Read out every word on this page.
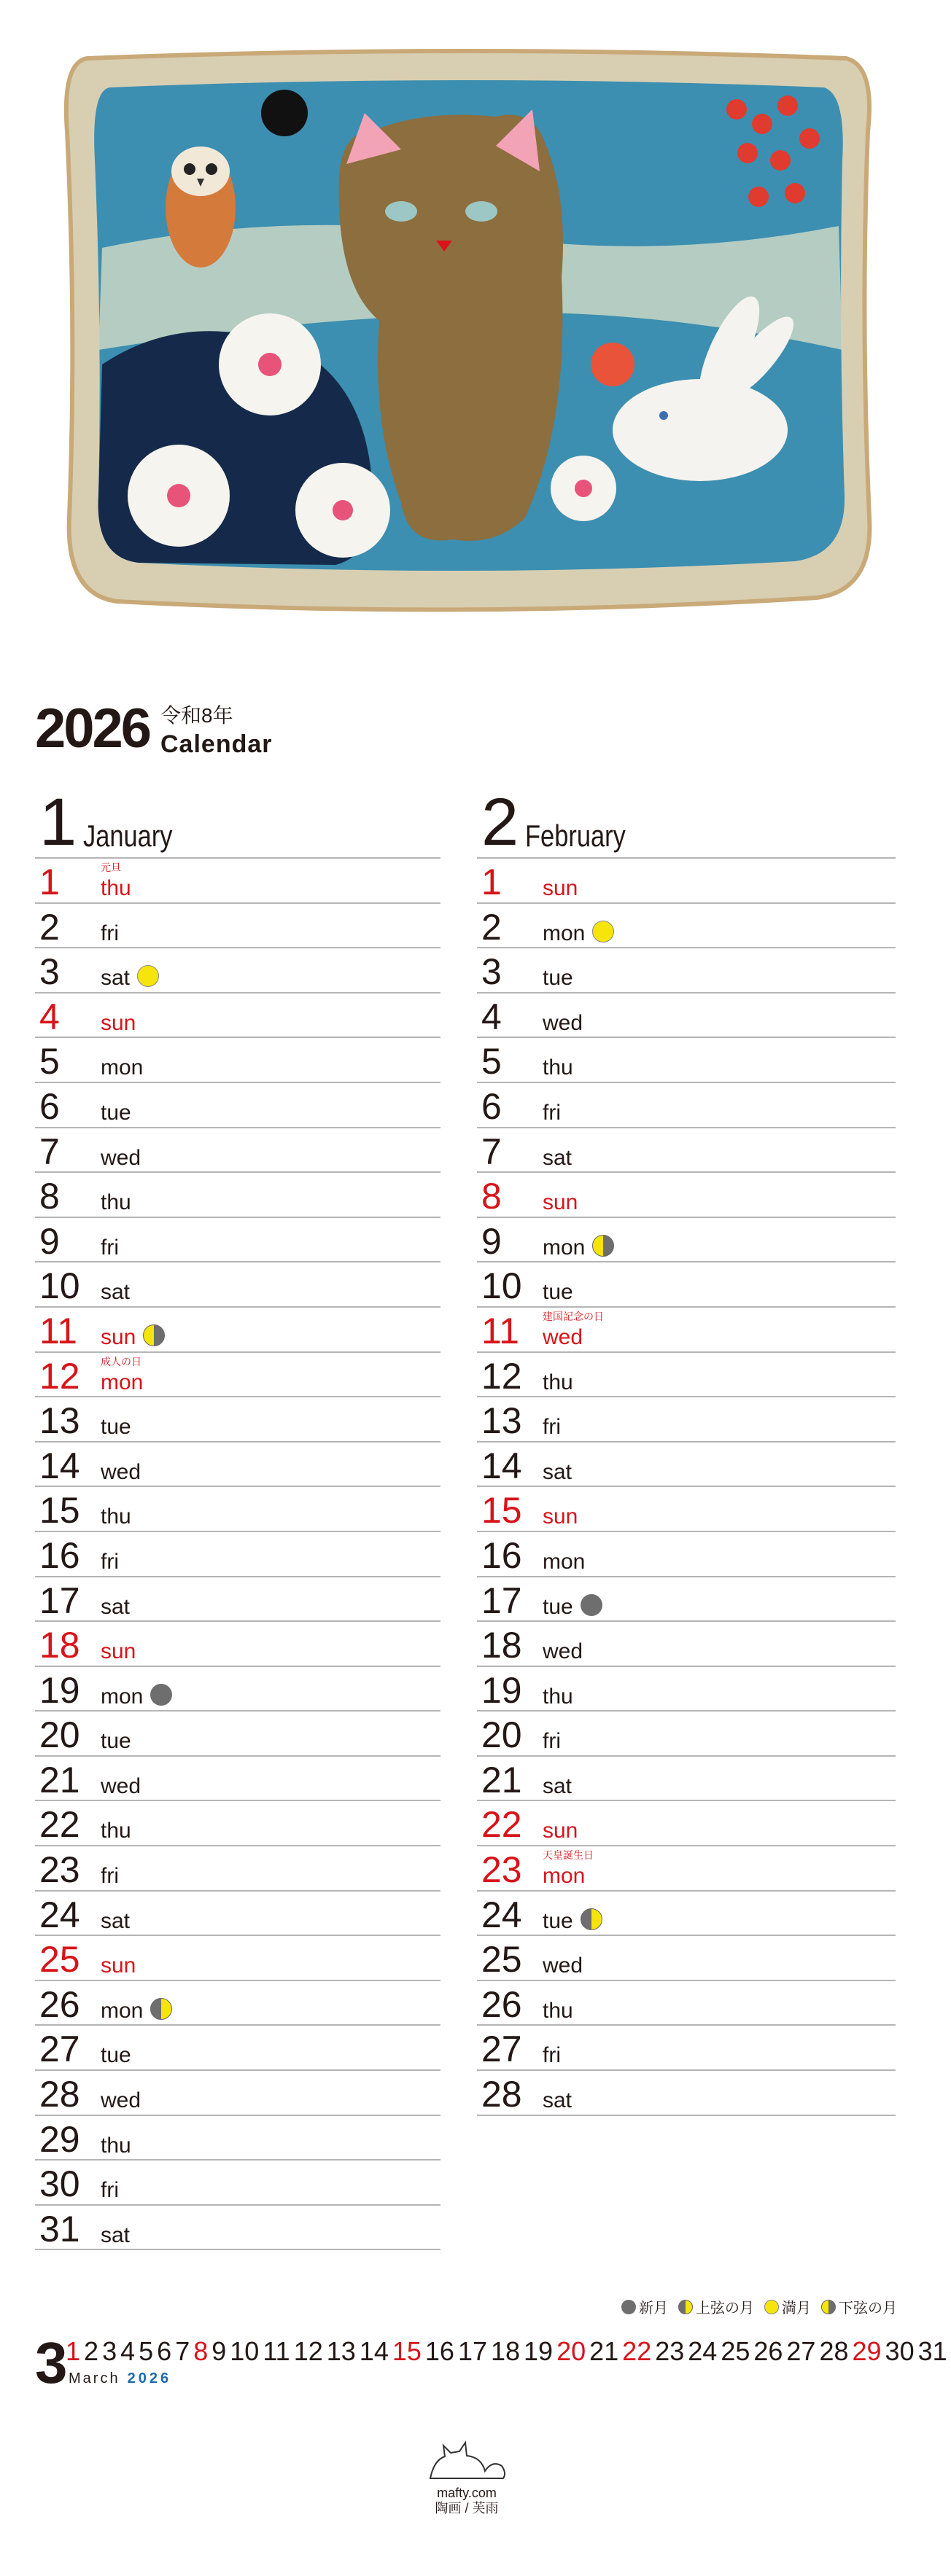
2026 令和8年
Calendar
1 January
1	元旦
thu
2 fri
3 sat
4 sun
5 mon
6 tue
7 wed
8 thu
9 fri
10 sat
11 sun
12 成人の日
mon
13 tue
14 wed
15 thu
16 fri
17 sat
18 sun
19 mon
20 tue
21 wed
22 thu
23 fri
24 sat
25 sun
26 mon
27 tue
28 wed
29 thu
30 fri
31 sat
2 February
1 sun
2 mon
3 tue
4 wed
5 thu
6 fri
7 sat
8 sun
9 mon
10 tue
11 建国記念の日
wed
12 thu
13 fri
14 sat
15 sun
16 mon
17 tue
18 wed
19 thu
20 fri
21 sat
22 sun
23 天皇誕生日
mon
24 tue
25 wed
26 thu
27 fri
28 sat
新月 上弦の月 満月 下弦の月
3
1 2 3 4 5 6 7 8 9 10 11 12 13 14 15 16 17 18 19 20 21 22 23 24 25 26 27 28 29 30 31
March 2026
mafty.com
陶画 / 芙雨
